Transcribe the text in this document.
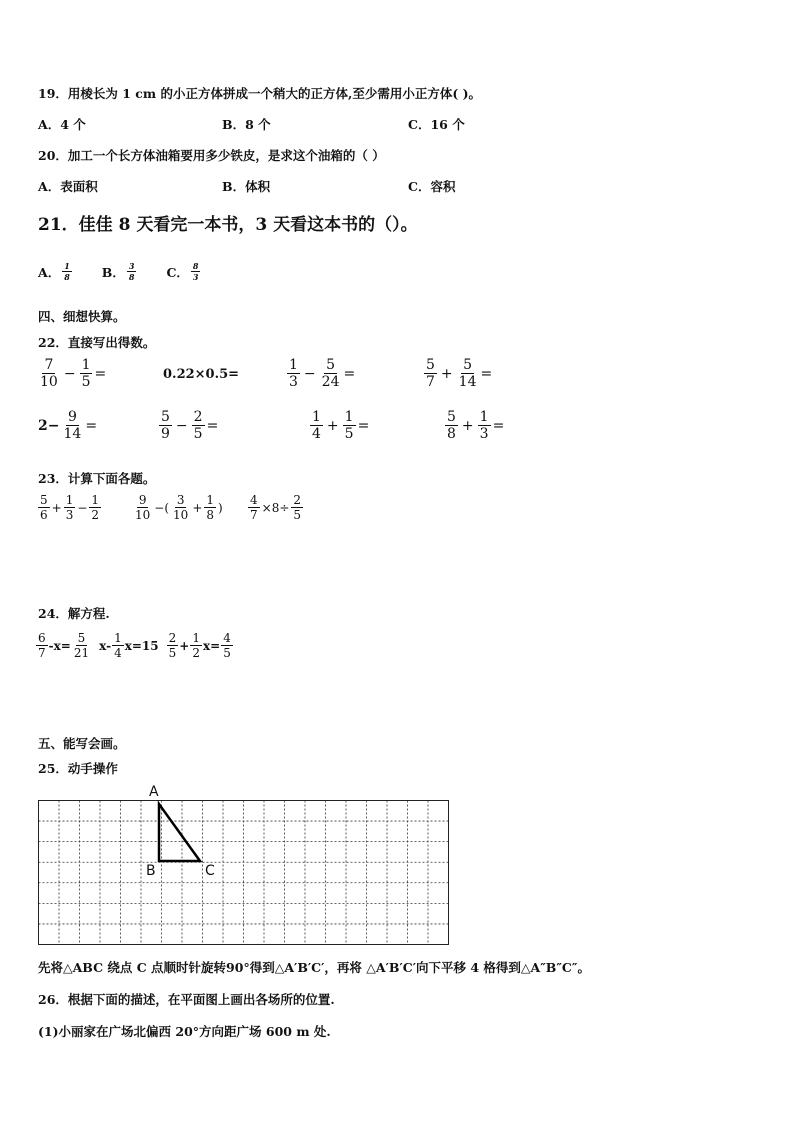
19．用棱长为 1 cm 的小正方体拼成一个稍大的正方体,至少需用小正方体( )。
A．4 个	B．8 个	C．16 个
20．加工一个长方体油箱要用多少铁皮，是求这个油箱的（ ）
A．表面积	B．体积	C．容积
21．佳佳 8 天看完一本书，3 天看这本书的（）。
A． $\frac{1}{8}$ B． $\frac{3}{8}$ C． $\frac{8}{3}$
四、细想快算。
22．直接写出得数。
$\frac{7}{10} - \frac{1}{5}$ =	0.22×0.5=	$\frac{1}{3} - \frac{5}{24}$ =	$\frac{5}{7} + \frac{5}{14}$ =
$2- \frac{9}{14}$ =	$\frac{5}{9} - \frac{2}{5}$ =	$\frac{1}{4} + \frac{1}{5}$ =	$\frac{5}{8} + \frac{1}{3}$ =
23．计算下面各题。
$\frac{5}{6} + \frac{1}{3} - \frac{1}{2}$	$\frac{9}{10}$ −( $\frac{3}{10} + \frac{1}{8}$ ) $\frac{4}{7} \times 8\div \frac{2}{5}$
24．解方程.
$\frac{6}{7} -x= \frac{5}{21} x- \frac{1}{4} x=15 \frac{2}{5} + \frac{1}{2} x= \frac{4}{5}$
五、能写会画。
25．动手操作
A
B	C
先将△ABC 绕点 C 点顺时针旋转90°得到△A′B′C′，再将 △A′B′C′向下平移 4 格得到△A″B″C″。
26．根据下面的描述，在平面图上画出各场所的位置.
(1)小丽家在广场北偏西 20°方向距广场 600 m 处.
